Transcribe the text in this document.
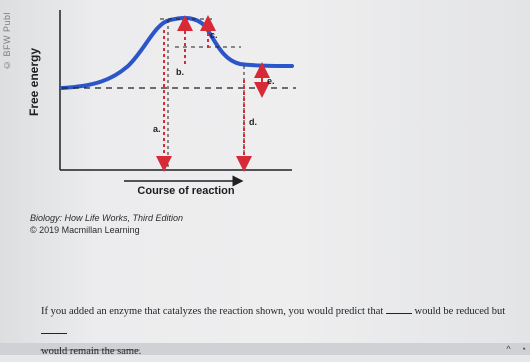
© BFW Publ
Free energy
Course of reaction
a.
b.
c.
d.
e.
Biology: How Life Works, Third Edition
© 2019 Macmillan Learning
If you added an enzyme that catalyzes the reaction shown, you would predict that	would be reduced but
would remain the same.	^ ◔
